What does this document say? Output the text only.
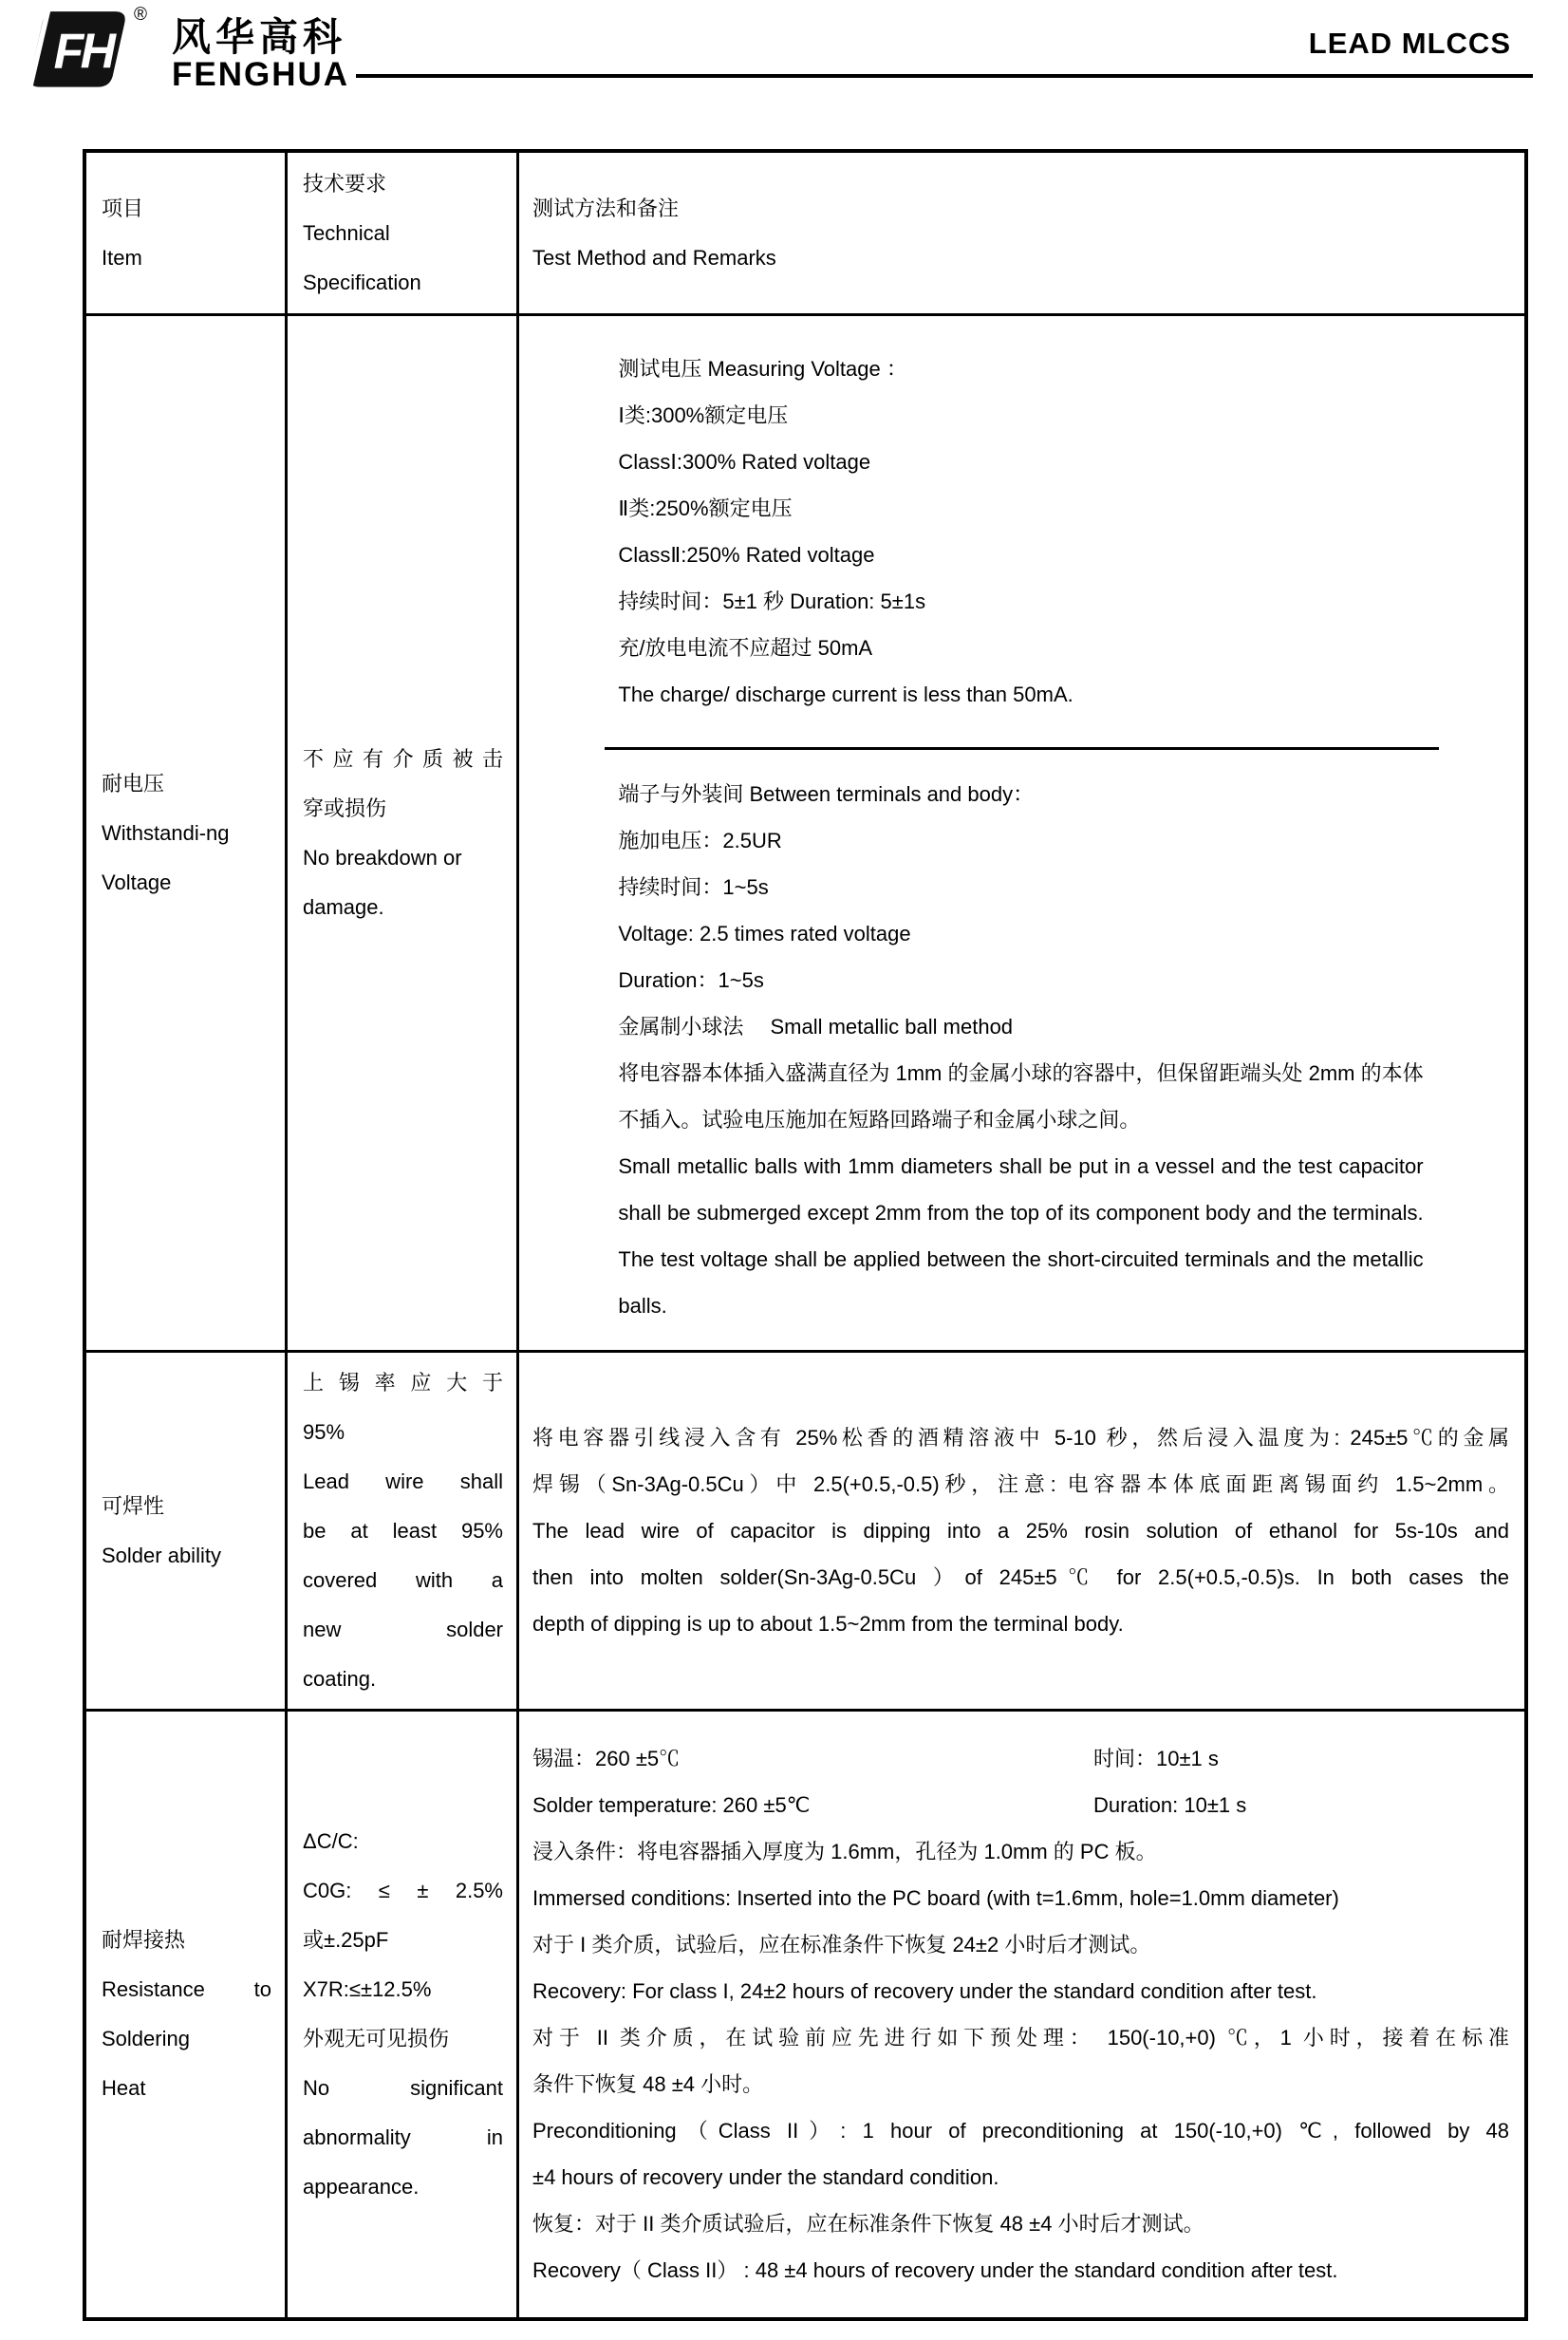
FH
®
风华高科
FENGHUA
LEAD MLCCS
项目
Item
技术要求
Technical
Specification
测试方法和备注
Test Method and Remarks
耐电压
Withstandi-ng
Voltage
不应有介质被击
穿或损伤
No breakdown or
damage.
测试电压 Measuring Voltage ：
Ⅰ类:300%额定电压
ClassⅠ:300% Rated voltage
Ⅱ类:250%额定电压
ClassⅡ:250% Rated voltage
持续时间：5±1 秒 Duration: 5±1s
充/放电电流不应超过 50mA
The charge/ discharge current is less than 50mA.
端子与外装间 Between terminals and body：
施加电压：2.5UR
持续时间：1~5s
Voltage: 2.5 times rated voltage
Duration：1~5s
金属制小球法　 Small metallic ball method
将电容器本体插入盛满直径为 1mm 的金属小球的容器中，但保留距端头处 2mm 的本体
不插入。试验电压施加在短路回路端子和金属小球之间。
Small metallic balls with 1mm diameters shall be put in a vessel and the test capacitor
shall be submerged except 2mm from the top of its component body and the terminals.
The test voltage shall be applied between the short-circuited terminals and the metallic
balls.
可焊性
Solder ability
上锡率应大于
95%
Lead wire shall
be at least 95%
covered with a
new solder
coating.
将电容器引线浸入含有 25%松香的酒精溶液中 5-10 秒，然后浸入温度为: 245±5℃的金属
焊锡（Sn-3Ag-0.5Cu）中 2.5(+0.5,-0.5)秒，注意: 电容器本体底面距离锡面约 1.5~2mm。
The lead wire of capacitor is dipping into a 25% rosin solution of ethanol for 5s-10s and
then into molten solder(Sn-3Ag-0.5Cu ）of 245±5℃ for 2.5(+0.5,-0.5)s. In both cases the
depth of dipping is up to about 1.5~2mm from the terminal body.
耐焊接热
Resistance to
Soldering
Heat
ΔC/C:
C0G: ≤ ± 2.5%
或±.25pF
X7R:≤±12.5%
外观无可见损伤
No significant
abnormality in
appearance.
锡温：260 ±5℃	时间：10±1 s
Solder temperature: 260 ±5℃	Duration: 10±1 s
浸入条件：将电容器插入厚度为 1.6mm，孔径为 1.0mm 的 PC 板。
Immersed conditions: Inserted into the PC board (with t=1.6mm, hole=1.0mm diameter)
对于 I 类介质，试验后，应在标准条件下恢复 24±2 小时后才测试。
Recovery: For class I, 24±2 hours of recovery under the standard condition after test.
对于 II 类介质，在试验前应先进行如下预处理： 150(-10,+0) ℃，1 小时，接着在标准
条件下恢复 48 ±4 小时。
Preconditioning（Class II）: 1 hour of preconditioning at 150(-10,+0) ℃, followed by 48
±4 hours of recovery under the standard condition.
恢复：对于 II 类介质试验后，应在标准条件下恢复 48 ±4 小时后才测试。
Recovery（ Class II） : 48 ±4 hours of recovery under the standard condition after test.
